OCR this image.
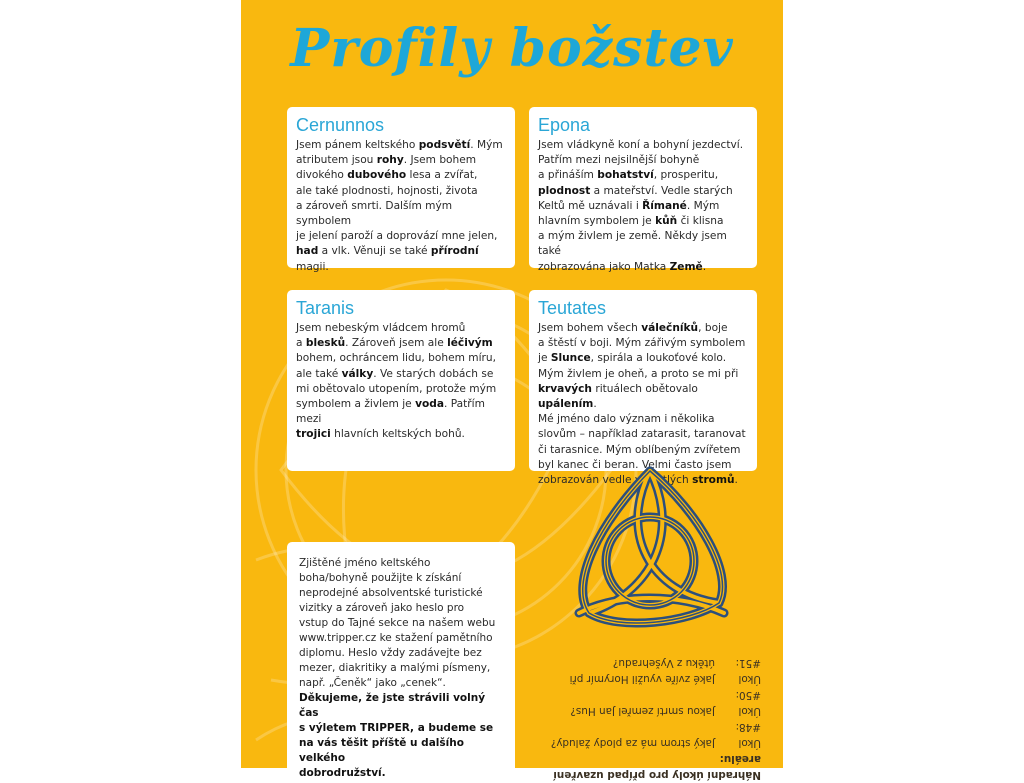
Profily božstev
Cernunnos
Jsem pánem keltského podsvětí. Mým
atributem jsou rohy. Jsem bohem
divokého dubového lesa a zvířat,
ale také plodnosti, hojnosti, života
a zároveň smrti. Dalším mým symbolem
je jelení paroží a doprovází mne jelen,
had a vlk. Věnuji se také přírodní magii.
Epona
Jsem vládkyně koní a bohyní jezdectví.
Patřím mezi nejsilnější bohyně
a přináším bohatství, prosperitu,
plodnost a mateřství. Vedle starých
Keltů mě uznávali i Římané. Mým
hlavním symbolem je kůň či klisna
a mým živlem je země. Někdy jsem také
zobrazována jako Matka Země.
Taranis
Jsem nebeským vládcem hromů
a blesků. Zároveň jsem ale léčivým
bohem, ochráncem lidu, bohem míru,
ale také války. Ve starých dobách se
mi obětovalo utopením, protože mým
symbolem a živlem je voda. Patřím mezi
trojici hlavních keltských bohů.
Teutates
Jsem bohem všech válečníků, boje
a štěstí v boji. Mým zářivým symbolem
je Slunce, spirála a loukoťové kolo.
Mým živlem je oheň, a proto se mi při
krvavých rituálech obětovalo upálením.
Mé jméno dalo význam i několika
slovům – například zatarasit, taranovat
či tarasnice. Mým oblíbeným zvířetem
byl kanec či beran. Velmi často jsem
zobrazován vedle vzrostlých stromů.
Zjištěné jméno keltského
boha/bohyně použijte k získání
neprodejné absolventské turistické
vizitky a zároveň jako heslo pro
vstup do Tajné sekce na našem webu
www.tripper.cz ke stažení pamětního
diplomu. Heslo vždy zadávejte bez
mezer, diakritiky a malými písmeny,
např. „Čeněk“ jako „cenek“.
Děkujeme, že jste strávili volný čas
s výletem TRIPPER, a budeme se
na vás těšit příště u dalšího velkého
dobrodružství.	Náhradní úkoly pro případ uzavření areálu:
Úkol #48:
Jaký strom má za plody žaludy?
Úkol #50:
Jakou smrtí zemřel Jan Hus?
Úkol #51:
Jaké zvíře využil Horymír při
útěku z Vyšehradu?
